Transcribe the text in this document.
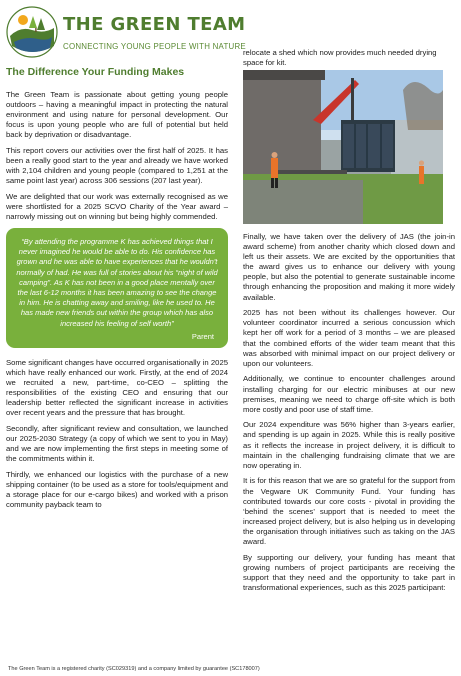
THE GREEN TEAM
CONNECTING YOUNG PEOPLE WITH NATURE
The Difference Your Funding Makes

The Green Team is passionate about getting young people outdoors – having a meaningful impact in protecting the natural environment and using nature for personal development. Our focus is upon young people who are full of potential but held back by deprivation or disadvantage.

This report covers our activities over the first half of 2025. It has been a really good start to the year and already we have worked with 2,104 children and young people (compared to 1,251 at the same point last year) across 306 sessions (207 last year).

We are delighted that our work was externally recognised as we were shortlisted for a 2025 SCVO Charity of the Year award – narrowly missing out on winning but being highly commended.

“By attending the programme K has achieved things that I never imagined he would be able to do. His confidence has grown and he was able to have experiences that he wouldn't normally of had. He was full of stories about his “night of wild camping”. As K has not been in a good place mentally over the last 6-12 months it has been amazing to see the change in him. He is chatting away and smiling, like he used to. He has made new friends out within the group which has also increased his feeling of self worth”
Parent

Some significant changes have occurred organisationally in 2025 which have really enhanced our work. Firstly, at the end of 2024 we recruited a new, part-time, co-CEO – splitting the responsibilities of the existing CEO and ensuring that our leadership better reflected the significant increase in activities over recent years and the pressure that has brought.

Secondly, after significant review and consultation, we launched our 2025-2030 Strategy (a copy of which we sent to you in May) and we are now implementing the first steps in meeting some of the commitments within it.

Thirdly, we enhanced our logistics with the purchase of a new shipping container (to be used as a store for tools/equipment and a storage place for our e-cargo bikes) and worked with a prison community payback team to

relocate a shed which now provides much needed drying space for kit.

Finally, we have taken over the delivery of JAS (the join-in award scheme) from another charity which closed down and left us their assets. We are excited by the opportunities that the award gives us to enhance our delivery with young people, but also the potential to generate sustainable income through enhancing the proposition and making it more widely available.

2025 has not been without its challenges however. Our volunteer coordinator incurred a serious concussion which kept her off work for a period of 3 months – we are pleased that the combined efforts of the wider team meant that this was absorbed with minimal impact on our project delivery or upon our volunteers.

Additionally, we continue to encounter challenges around installing charging for our electric minibuses at our new premises, meaning we need to charge off-site which is both more costly and poor use of staff time.

Our 2024 expenditure was 56% higher than 3-years earlier, and spending is up again in 2025. While this is really positive as it reflects the increase in project delivery, it is difficult to maintain in the challenging fundraising climate that we are now operating in.

It is for this reason that we are so grateful for the support from the Vegware UK Community Fund. Your funding has contributed towards our core costs - pivotal in providing the ‘behind the scenes’ support that is needed to meet the increased project delivery, but is also helping us in developing the organisation through initiatives such as taking on the JAS award.

By supporting our delivery, your funding has meant that growing numbers of project participants are receiving the support that they need and the opportunity to take part in transformational experiences, such as this 2025 participant:

The Green Team is a registered charity (SC029319) and a company limited by guarantee (SC178007)
